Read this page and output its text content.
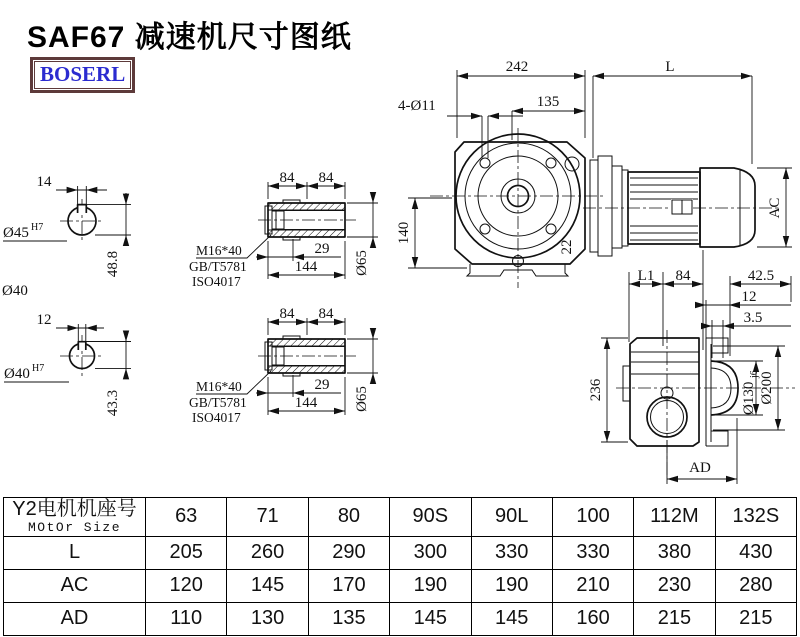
242	L
4-Ø11	135
140
AC
22
14
Ø45 H7
48.8
Ø40
12
Ø40 H7
43.3
84 84
29
144 Ø65
M16*40
GB/T5781
ISO4017
84 84
29
144 Ø65
M16*40
GB/T5781
ISO4017
L1 84	42.5
12
3.5
236	Ø130
j6 Ø200
AD
SAF67 减速机尺寸图纸
BOSERL
Y2电机机座号
MOtOr Size	63	71	80	90S	90L	100	112M	132S
L	205	260	290	300	330	330	380	430
AC	120	145	170	190	190	210	230	280
AD	110	130	135	145	145	160	215	215
